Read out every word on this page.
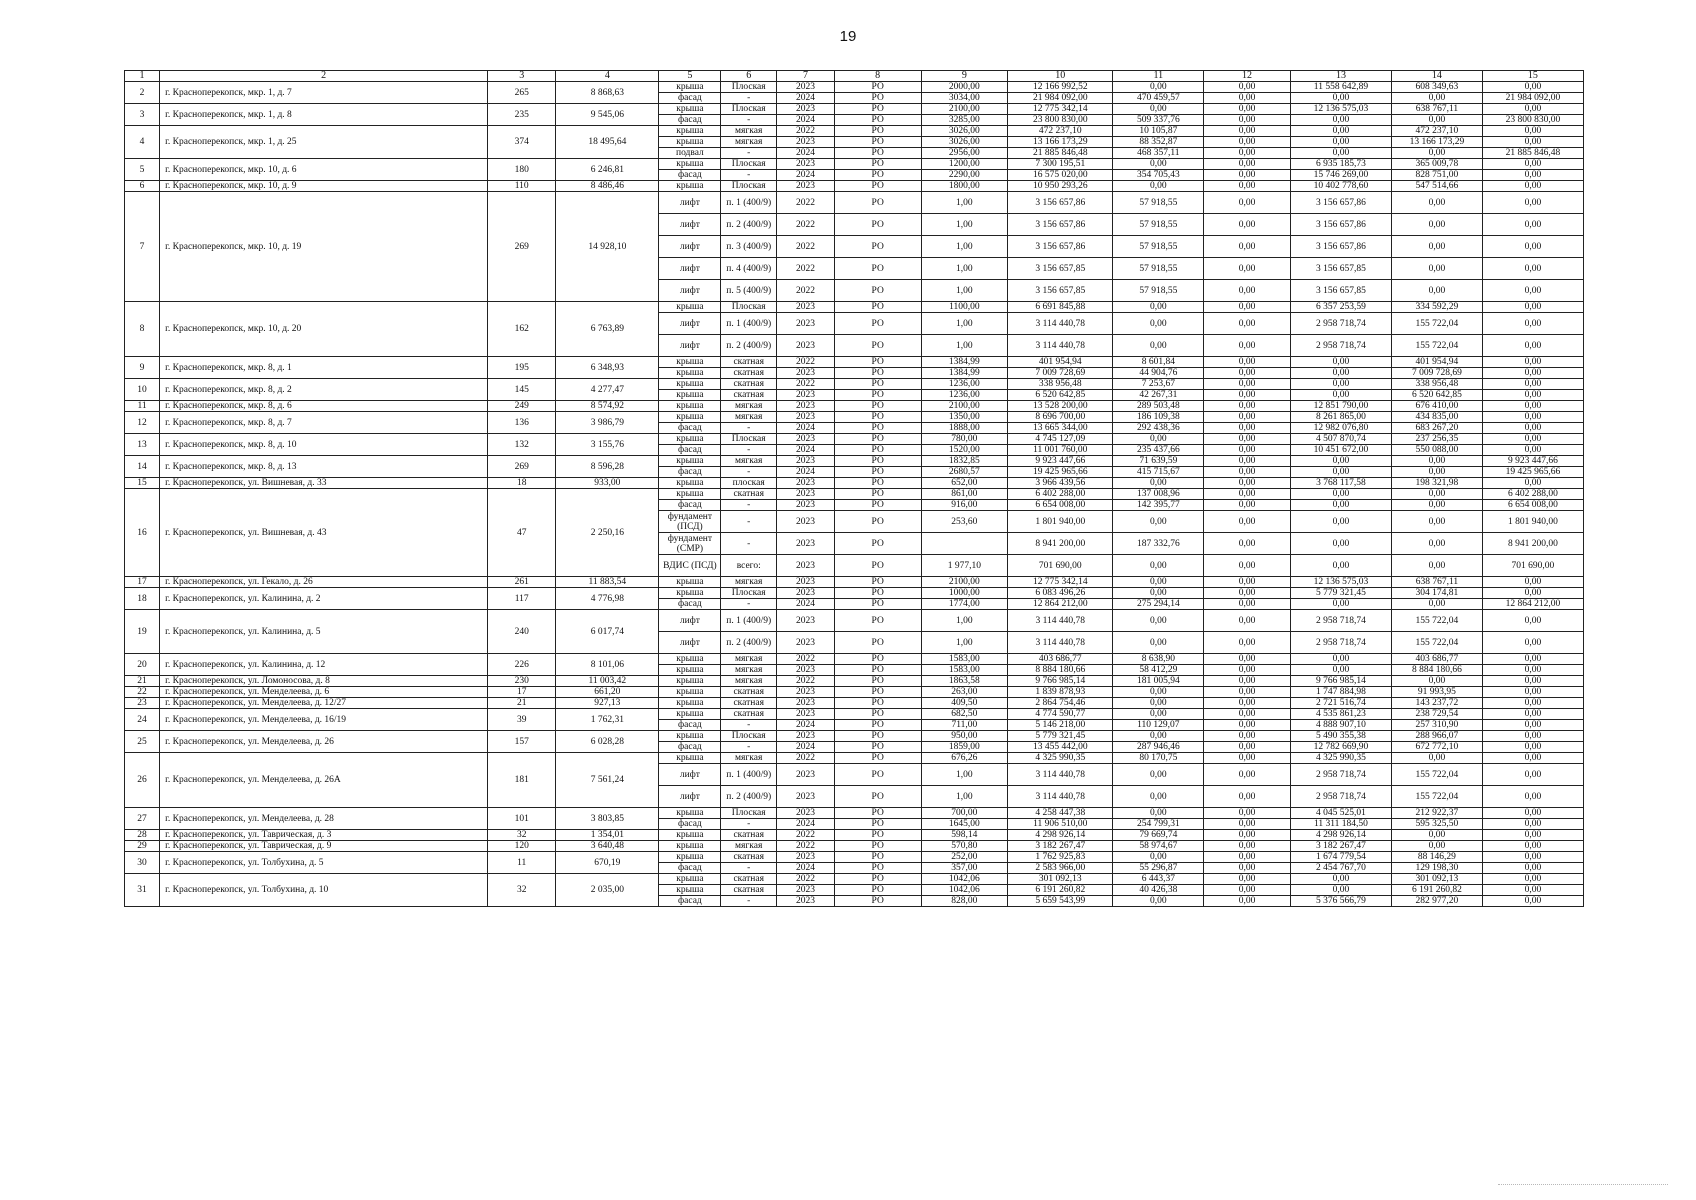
19
1	2	3	4	5	6	7	8	9	10	11	12	13	14	15
2	г. Красноперекопск, мкр. 1, д. 7	265	8 868,63	крыша	Плоская	2023	РО	2000,00	12 166 992,52	0,00	0,00	11 558 642,89	608 349,63	0,00
				фасад	-	2024	РО	3034,00	21 984 092,00	470 459,57	0,00	0,00	0,00	21 984 092,00
3	г. Красноперекопск, мкр. 1, д. 8	235	9 545,06	крыша	Плоская	2023	РО	2100,00	12 775 342,14	0,00	0,00	12 136 575,03	638 767,11	0,00
				фасад	-	2024	РО	3285,00	23 800 830,00	509 337,76	0,00	0,00	0,00	23 800 830,00
4	г. Красноперекопск, мкр. 1, д. 25	374	18 495,64	крыша	мягкая	2022	РО	3026,00	472 237,10	10 105,87	0,00	0,00	472 237,10	0,00
				крыша	мягкая	2023	РО	3026,00	13 166 173,29	88 352,87	0,00	0,00	13 166 173,29	0,00
				подвал	-	2024	РО	2956,00	21 885 846,48	468 357,11	0,00	0,00	0,00	21 885 846,48
5	г. Красноперекопск, мкр. 10, д. 6	180	6 246,81	крыша	Плоская	2023	РО	1200,00	7 300 195,51	0,00	0,00	6 935 185,73	365 009,78	0,00
				фасад	-	2024	РО	2290,00	16 575 020,00	354 705,43	0,00	15 746 269,00	828 751,00	0,00
6	г. Красноперекопск, мкр. 10, д. 9	110	8 486,46	крыша	Плоская	2023	РО	1800,00	10 950 293,26	0,00	0,00	10 402 778,60	547 514,66	0,00
7	г. Красноперекопск, мкр. 10, д. 19	269	14 928,10	лифт	п. 1 (400/9)	2022	РО	1,00	3 156 657,86	57 918,55	0,00	3 156 657,86	0,00	0,00
				лифт	п. 2 (400/9)	2022	РО	1,00	3 156 657,86	57 918,55	0,00	3 156 657,86	0,00	0,00
				лифт	п. 3 (400/9)	2022	РО	1,00	3 156 657,86	57 918,55	0,00	3 156 657,86	0,00	0,00
				лифт	п. 4 (400/9)	2022	РО	1,00	3 156 657,85	57 918,55	0,00	3 156 657,85	0,00	0,00
				лифт	п. 5 (400/9)	2022	РО	1,00	3 156 657,85	57 918,55	0,00	3 156 657,85	0,00	0,00
8	г. Красноперекопск, мкр. 10, д. 20	162	6 763,89	крыша	Плоская	2023	РО	1100,00	6 691 845,88	0,00	0,00	6 357 253,59	334 592,29	0,00
				лифт	п. 1 (400/9)	2023	РО	1,00	3 114 440,78	0,00	0,00	2 958 718,74	155 722,04	0,00
				лифт	п. 2 (400/9)	2023	РО	1,00	3 114 440,78	0,00	0,00	2 958 718,74	155 722,04	0,00
9	г. Красноперекопск, мкр. 8, д. 1	195	6 348,93	крыша	скатная	2022	РО	1384,99	401 954,94	8 601,84	0,00	0,00	401 954,94	0,00
				крыша	скатная	2023	РО	1384,99	7 009 728,69	44 904,76	0,00	0,00	7 009 728,69	0,00
10	г. Красноперекопск, мкр. 8, д. 2	145	4 277,47	крыша	скатная	2022	РО	1236,00	338 956,48	7 253,67	0,00	0,00	338 956,48	0,00
				крыша	скатная	2023	РО	1236,00	6 520 642,85	42 267,31	0,00	0,00	6 520 642,85	0,00
11	г. Красноперекопск, мкр. 8, д. 6	249	8 574,92	крыша	мягкая	2023	РО	2100,00	13 528 200,00	289 503,48	0,00	12 851 790,00	676 410,00	0,00
12	г. Красноперекопск, мкр. 8, д. 7	136	3 986,79	крыша	мягкая	2023	РО	1350,00	8 696 700,00	186 109,38	0,00	8 261 865,00	434 835,00	0,00
				фасад	-	2024	РО	1888,00	13 665 344,00	292 438,36	0,00	12 982 076,80	683 267,20	0,00
13	г. Красноперекопск, мкр. 8, д. 10	132	3 155,76	крыша	Плоская	2023	РО	780,00	4 745 127,09	0,00	0,00	4 507 870,74	237 256,35	0,00
				фасад	-	2024	РО	1520,00	11 001 760,00	235 437,66	0,00	10 451 672,00	550 088,00	0,00
14	г. Красноперекопск, мкр. 8, д. 13	269	8 596,28	крыша	мягкая	2023	РО	1832,85	9 923 447,66	71 639,59	0,00	0,00	0,00	9 923 447,66
				фасад	-	2024	РО	2680,57	19 425 965,66	415 715,67	0,00	0,00	0,00	19 425 965,66
15	г. Красноперекопск, ул. Вишневая, д. 33	18	933,00	крыша	плоская	2023	РО	652,00	3 966 439,56	0,00	0,00	3 768 117,58	198 321,98	0,00
16	г. Красноперекопск, ул. Вишневая, д. 43	47	2 250,16	крыша	скатная	2023	РО	861,00	6 402 288,00	137 008,96	0,00	0,00	0,00	6 402 288,00
				фасад	-	2023	РО	916,00	6 654 008,00	142 395,77	0,00	0,00	0,00	6 654 008,00
				фундамент (ПСД)	-	2023	РО	253,60	1 801 940,00	0,00	0,00	0,00	0,00	1 801 940,00
				фундамент (СМР)	-	2023	РО		8 941 200,00	187 332,76	0,00	0,00	0,00	8 941 200,00
				ВДИС (ПСД)	всего:	2023	РО	1 977,10	701 690,00	0,00	0,00	0,00	0,00	701 690,00
17	г. Красноперекопск, ул. Гекало, д. 26	261	11 883,54	крыша	мягкая	2023	РО	2100,00	12 775 342,14	0,00	0,00	12 136 575,03	638 767,11	0,00
18	г. Красноперекопск, ул. Калинина, д. 2	117	4 776,98	крыша	Плоская	2023	РО	1000,00	6 083 496,26	0,00	0,00	5 779 321,45	304 174,81	0,00
				фасад	-	2024	РО	1774,00	12 864 212,00	275 294,14	0,00	0,00	0,00	12 864 212,00
19	г. Красноперекопск, ул. Калинина, д. 5	240	6 017,74	лифт	п. 1 (400/9)	2023	РО	1,00	3 114 440,78	0,00	0,00	2 958 718,74	155 722,04	0,00
				лифт	п. 2 (400/9)	2023	РО	1,00	3 114 440,78	0,00	0,00	2 958 718,74	155 722,04	0,00
20	г. Красноперекопск, ул. Калинина, д. 12	226	8 101,06	крыша	мягкая	2022	РО	1583,00	403 686,77	8 638,90	0,00	0,00	403 686,77	0,00
				крыша	мягкая	2023	РО	1583,00	8 884 180,66	58 412,29	0,00	0,00	8 884 180,66	0,00
21	г. Красноперекопск, ул. Ломоносова, д. 8	230	11 003,42	крыша	мягкая	2022	РО	1863,58	9 766 985,14	181 005,94	0,00	9 766 985,14	0,00	0,00
22	г. Красноперекопск, ул. Менделеева, д. 6	17	661,20	крыша	скатная	2023	РО	263,00	1 839 878,93	0,00	0,00	1 747 884,98	91 993,95	0,00
23	г. Красноперекопск, ул. Менделеева, д. 12/27	21	927,13	крыша	скатная	2023	РО	409,50	2 864 754,46	0,00	0,00	2 721 516,74	143 237,72	0,00
24	г. Красноперекопск, ул. Менделеева, д. 16/19	39	1 762,31	крыша	скатная	2023	РО	682,50	4 774 590,77	0,00	0,00	4 535 861,23	238 729,54	0,00
				фасад	-	2024	РО	711,00	5 146 218,00	110 129,07	0,00	4 888 907,10	257 310,90	0,00
25	г. Красноперекопск, ул. Менделеева, д. 26	157	6 028,28	крыша	Плоская	2023	РО	950,00	5 779 321,45	0,00	0,00	5 490 355,38	288 966,07	0,00
				фасад	-	2024	РО	1859,00	13 455 442,00	287 946,46	0,00	12 782 669,90	672 772,10	0,00
26	г. Красноперекопск, ул. Менделеева, д. 26А	181	7 561,24	крыша	мягкая	2022	РО	676,26	4 325 990,35	80 170,75	0,00	4 325 990,35	0,00	0,00
				лифт	п. 1 (400/9)	2023	РО	1,00	3 114 440,78	0,00	0,00	2 958 718,74	155 722,04	0,00
				лифт	п. 2 (400/9)	2023	РО	1,00	3 114 440,78	0,00	0,00	2 958 718,74	155 722,04	0,00
27	г. Красноперекопск, ул. Менделеева, д. 28	101	3 803,85	крыша	Плоская	2023	РО	700,00	4 258 447,38	0,00	0,00	4 045 525,01	212 922,37	0,00
				фасад	-	2024	РО	1645,00	11 906 510,00	254 799,31	0,00	11 311 184,50	595 325,50	0,00
28	г. Красноперекопск, ул. Таврическая, д. 3	32	1 354,01	крыша	скатная	2022	РО	598,14	4 298 926,14	79 669,74	0,00	4 298 926,14	0,00	0,00
29	г. Красноперекопск, ул. Таврическая, д. 9	120	3 640,48	крыша	мягкая	2022	РО	570,80	3 182 267,47	58 974,67	0,00	3 182 267,47	0,00	0,00
30	г. Красноперекопск, ул. Толбухина, д. 5	11	670,19	крыша	скатная	2023	РО	252,00	1 762 925,83	0,00	0,00	1 674 779,54	88 146,29	0,00
				фасад	-	2024	РО	357,00	2 583 966,00	55 296,87	0,00	2 454 767,70	129 198,30	0,00
31	г. Красноперекопск, ул. Толбухина, д. 10	32	2 035,00	крыша	скатная	2022	РО	1042,06	301 092,13	6 443,37	0,00	0,00	301 092,13	0,00
				крыша	скатная	2023	РО	1042,06	6 191 260,82	40 426,38	0,00	0,00	6 191 260,82	0,00
				фасад	-	2023	РО	828,00	5 659 543,99	0,00	0,00	5 376 566,79	282 977,20	0,00
